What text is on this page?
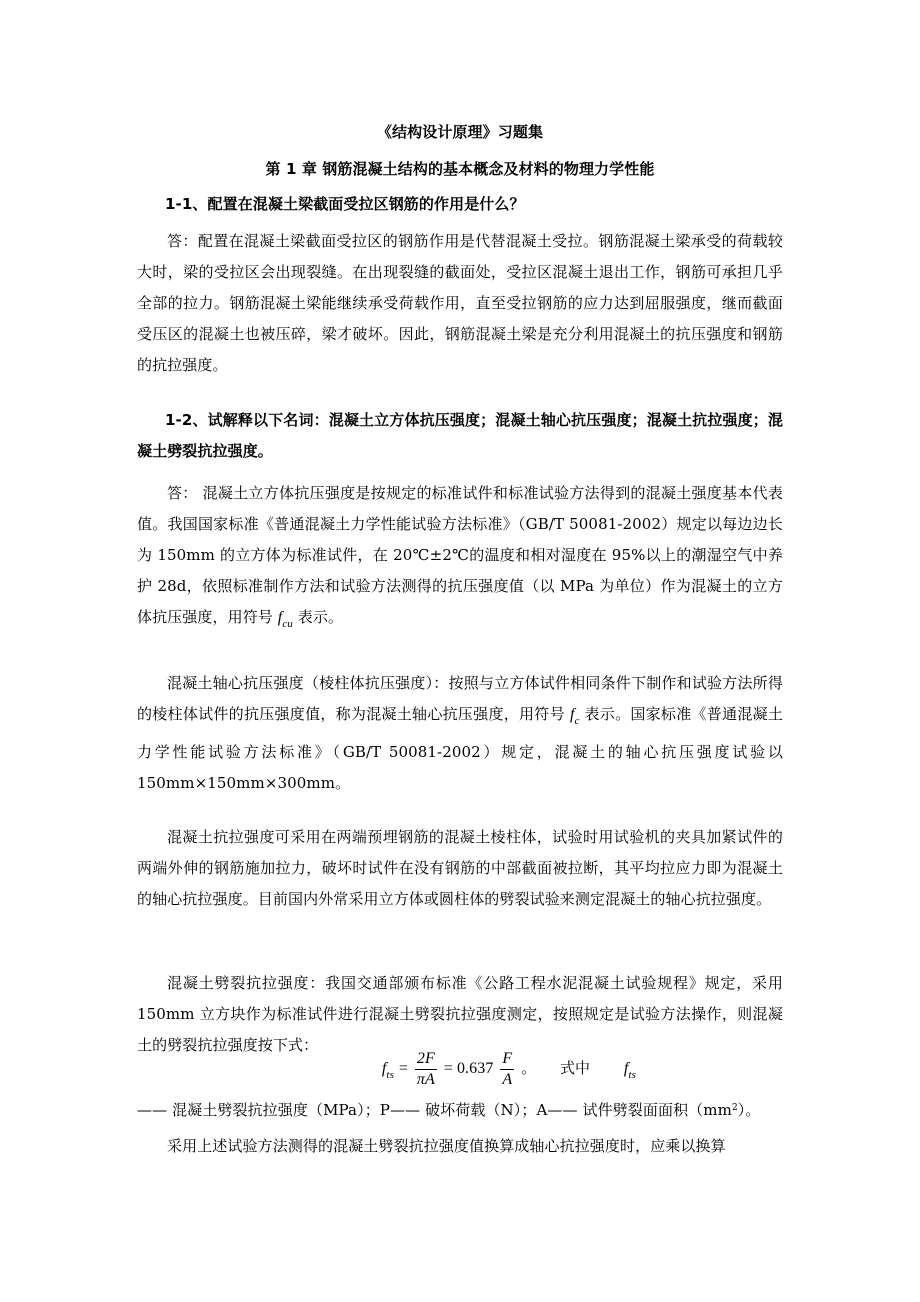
《结构设计原理》习题集
第 1 章 钢筋混凝土结构的基本概念及材料的物理力学性能
1-1、配置在混凝土梁截面受拉区钢筋的作用是什么？
答：配置在混凝土梁截面受拉区的钢筋作用是代替混凝土受拉。钢筋混凝土梁承受的荷载较大时，梁的受拉区会出现裂缝。在出现裂缝的截面处，受拉区混凝土退出工作，钢筋可承担几乎全部的拉力。钢筋混凝土梁能继续承受荷载作用，直至受拉钢筋的应力达到屈服强度，继而截面受压区的混凝土也被压碎，梁才破坏。因此，钢筋混凝土梁是充分利用混凝土的抗压强度和钢筋的抗拉强度。
1-2、试解释以下名词：混凝土立方体抗压强度；混凝土轴心抗压强度；混凝土抗拉强度；混凝土劈裂抗拉强度。
答： 混凝土立方体抗压强度是按规定的标准试件和标准试验方法得到的混凝土强度基本代表值。我国国家标准《普通混凝土力学性能试验方法标准》（GB/T 50081-2002）规定以每边边长为 150mm 的立方体为标准试件，在 20℃±2℃的温度和相对湿度在 95%以上的潮湿空气中养护 28d，依照标准制作方法和试验方法测得的抗压强度值（以 MPa 为单位）作为混凝土的立方体抗压强度，用符号 $f_{cu}$ 表示。
混凝土轴心抗压强度（棱柱体抗压强度）：按照与立方体试件相同条件下制作和试验方法所得的棱柱体试件的抗压强度值，称为混凝土轴心抗压强度，用符号 $f_c$ 表示。国家标准《普通混凝土力学性能试验方法标准》（GB/T 50081-2002）规定，混凝土的轴心抗压强度试验以 150mm×150mm×300mm。
混凝土抗拉强度可采用在两端预埋钢筋的混凝土棱柱体，试验时用试验机的夹具加紧试件的两端外伸的钢筋施加拉力，破坏时试件在没有钢筋的中部截面被拉断，其平均拉应力即为混凝土的轴心抗拉强度。目前国内外常采用立方体或圆柱体的劈裂试验来测定混凝土的轴心抗拉强度。
混凝土劈裂抗拉强度：我国交通部颁布标准《公路工程水泥混凝土试验规程》规定，采用 150mm 立方块作为标准试件进行混凝土劈裂抗拉强度测定，按照规定是试验方法操作，则混凝土的劈裂抗拉强度按下式：
$f_{ts} = \frac{2F}{\pi A} = 0.637 \frac{F}{A}$ 。 式中 $f_{ts}$
—— 混凝土劈裂抗拉强度（MPa）；P—— 破坏荷载（N）；A—— 试件劈裂面面积$(mm^2)$。
采用上述试验方法测得的混凝土劈裂抗拉强度值换算成轴心抗拉强度时，应乘以换算
